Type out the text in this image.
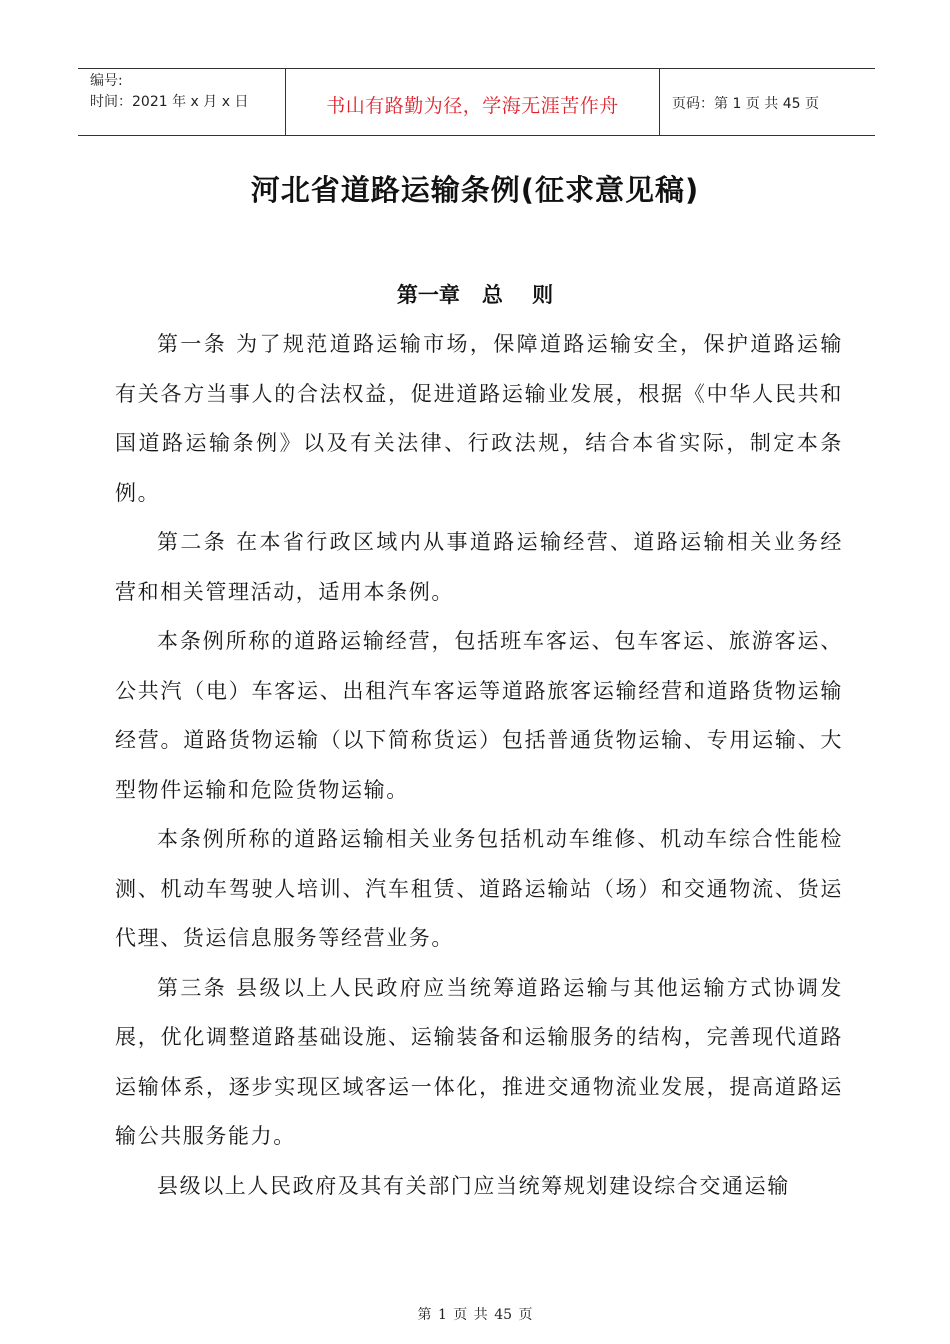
编号:
时间：2021 年 x 月 x 日	书山有路勤为径，学海无涯苦作舟	页码：第 1 页 共 45 页
河北省道路运输条例(征求意见稿)
第一章   总    则

第一条 为了规范道路运输市场，保障道路运输安全，保护道路运输有关各方当事人的合法权益，促进道路运输业发展，根据《中华人民共和国道路运输条例》以及有关法律、行政法规，结合本省实际，制定本条例。

第二条 在本省行政区域内从事道路运输经营、道路运输相关业务经营和相关管理活动，适用本条例。

本条例所称的道路运输经营，包括班车客运、包车客运、旅游客运、公共汽（电）车客运、出租汽车客运等道路旅客运输经营和道路货物运输经营。道路货物运输（以下简称货运）包括普通货物运输、专用运输、大型物件运输和危险货物运输。

本条例所称的道路运输相关业务包括机动车维修、机动车综合性能检测、机动车驾驶人培训、汽车租赁、道路运输站（场）和交通物流、货运代理、货运信息服务等经营业务。

第三条 县级以上人民政府应当统筹道路运输与其他运输方式协调发展，优化调整道路基础设施、运输装备和运输服务的结构，完善现代道路运输体系，逐步实现区域客运一体化，推进交通物流业发展，提高道路运输公共服务能力。

县级以上人民政府及其有关部门应当统筹规划建设综合交通运输

第 1 页 共 45 页
